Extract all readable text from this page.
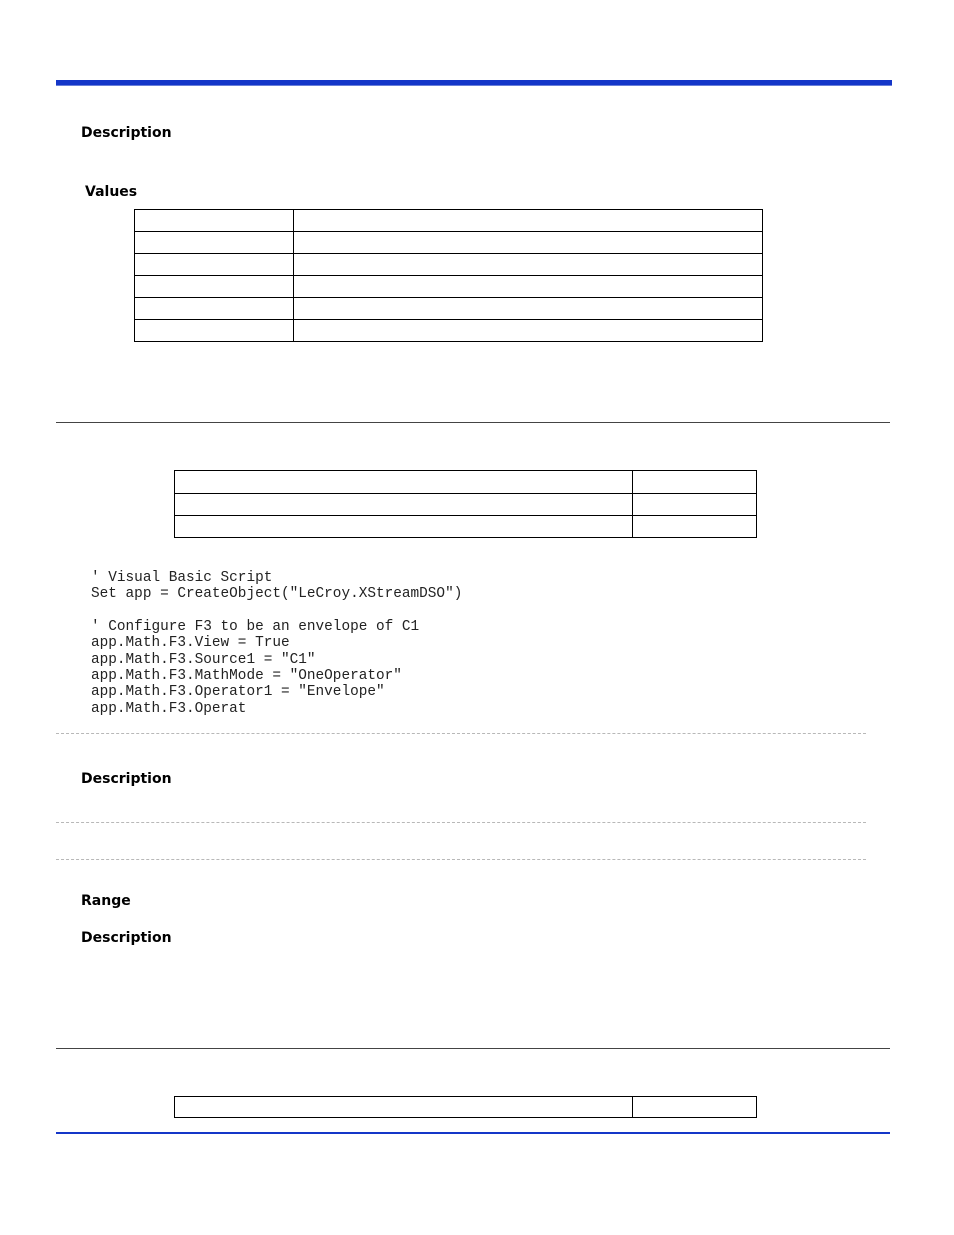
Description
Values

' Visual Basic Script
Set app = CreateObject("LeCroy.XStreamDSO")
' Configure F3 to be an envelope of C1
app.Math.F3.View = True
app.Math.F3.Source1 = "C1"
app.Math.F3.MathMode = "OneOperator"
app.Math.F3.Operator1 = "Envelope"
app.Math.F3.Operat
Description
Range
Description
